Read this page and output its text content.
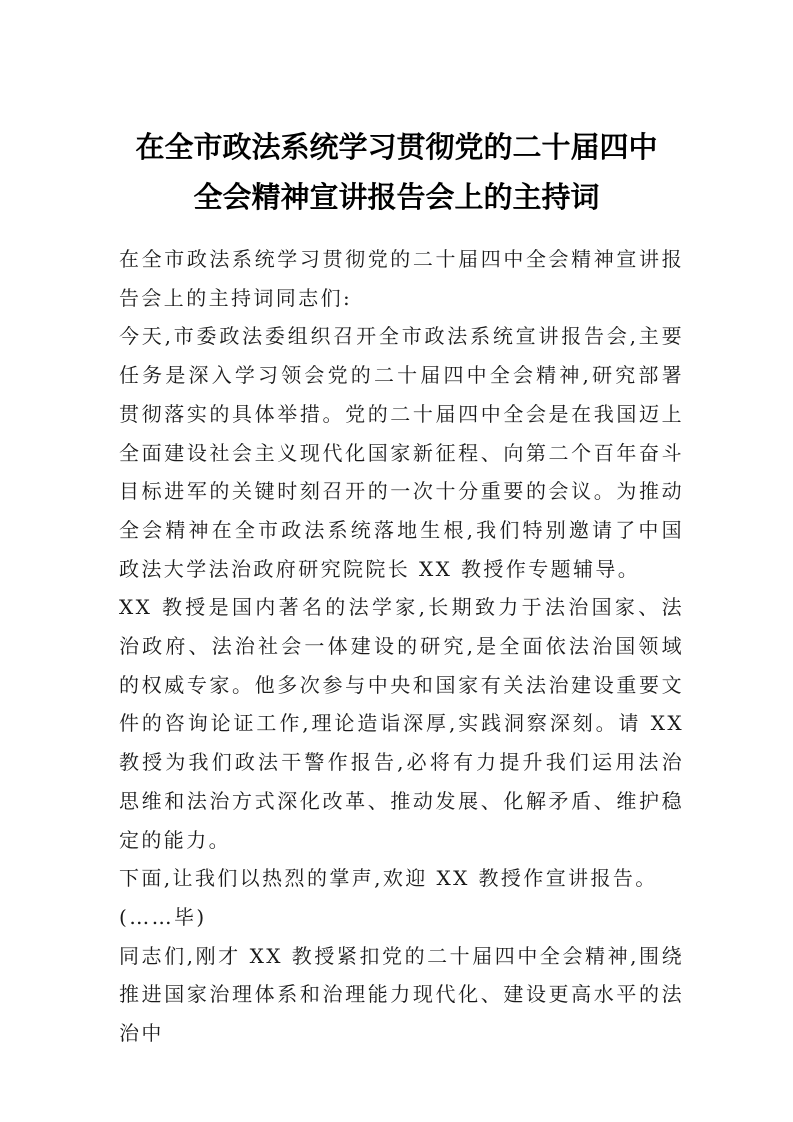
在全市政法系统学习贯彻党的二十届四中
全会精神宣讲报告会上的主持词

在全市政法系统学习贯彻党的二十届四中全会精神宣讲报告会上的主持词同志们:

今天,市委政法委组织召开全市政法系统宣讲报告会,主要任务是深入学习领会党的二十届四中全会精神,研究部署贯彻落实的具体举措。党的二十届四中全会是在我国迈上全面建设社会主义现代化国家新征程、向第二个百年奋斗目标进军的关键时刻召开的一次十分重要的会议。为推动全会精神在全市政法系统落地生根,我们特别邀请了中国政法大学法治政府研究院院长 XX 教授作专题辅导。

XX 教授是国内著名的法学家,长期致力于法治国家、法治政府、法治社会一体建设的研究,是全面依法治国领域的权威专家。他多次参与中央和国家有关法治建设重要文件的咨询论证工作,理论造诣深厚,实践洞察深刻。请 XX 教授为我们政法干警作报告,必将有力提升我们运用法治思维和法治方式深化改革、推动发展、化解矛盾、维护稳定的能力。

下面,让我们以热烈的掌声,欢迎 XX 教授作宣讲报告。

(……毕)

同志们,刚才 XX 教授紧扣党的二十届四中全会精神,围绕推进国家治理体系和治理能力现代化、建设更高水平的法治中
